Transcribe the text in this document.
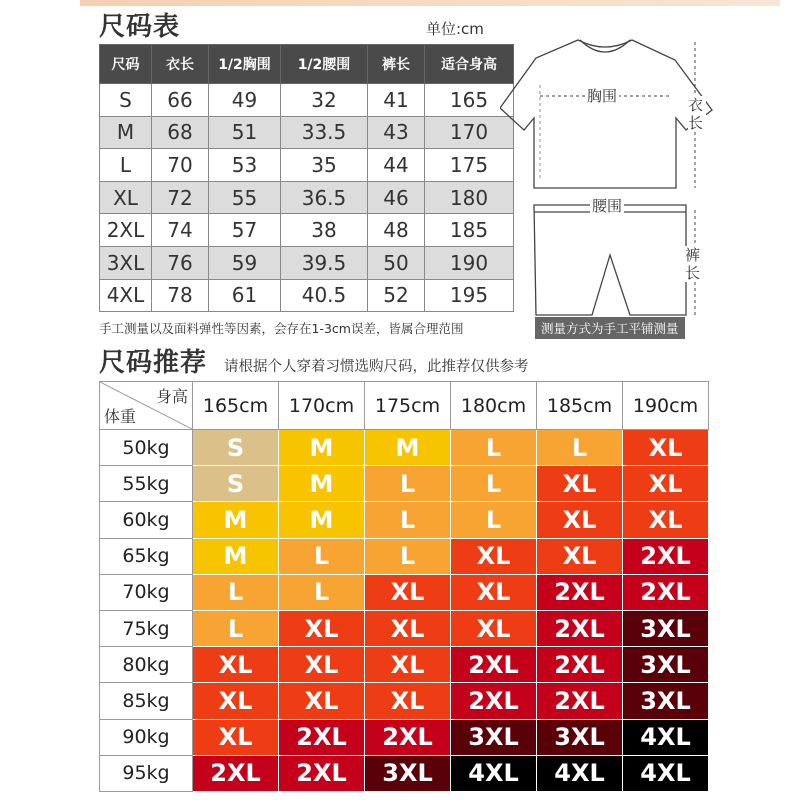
尺码表	单位:cm
尺码	衣长	1/2胸围	1/2腰围	裤长	适合身高
S	66	49	32	41	165
M	68	51	33.5	43	170
L	70	53	35	44	175
XL	72	55	36.5	46	180
2XL	74	57	38	48	185
3XL	76	59	39.5	50	190
4XL	78	61	40.5	52	195
手工测量以及面料弹性等因素，会存在1-3cm误差，皆属合理范围	测量方式为手工平铺测量
胸围	衣长
腰围
裤长
尺码推荐 请根据个人穿着习惯选购尺码，此推荐仅供参考
身高
体重	165cm	170cm	175cm	180cm	185cm	190cm
50kg	S	M	M	L	L	XL
55kg	S	M	L	L	XL	XL
60kg	M	M	L	L	XL	XL
65kg	M	L	L	XL	XL	2XL
70kg	L	L	XL	XL	2XL	2XL
75kg	L	XL	XL	XL	2XL	3XL
80kg	XL	XL	XL	2XL	2XL	3XL
85kg	XL	XL	XL	2XL	2XL	3XL
90kg	XL	2XL	2XL	3XL	3XL	4XL
95kg	2XL	2XL	3XL	4XL	4XL	4XL
